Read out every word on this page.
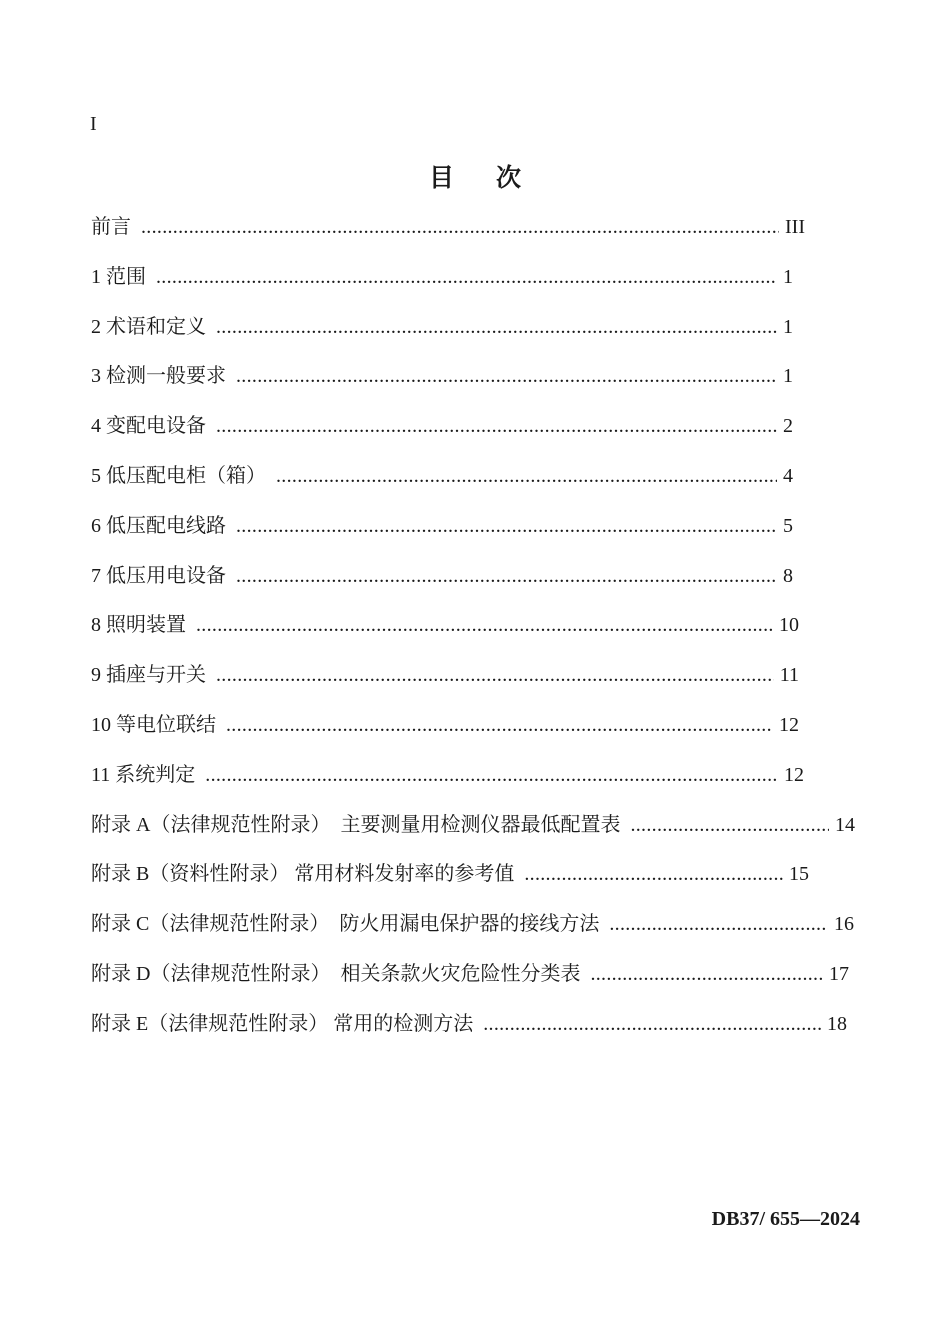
I
目 次
前言 .....	III
1 范围 .....	1
2 术语和定义 .....	1
3 检测一般要求 .....	1
4 变配电设备 .....	2
5 低压配电柜（箱） .....	4
6 低压配电线路 .....	5
7 低压用电设备 .....	8
8 照明装置 .....	10
9 插座与开关 .....	11
10 等电位联结 .....	12
11 系统判定 .....	12
附录 A（法律规范性附录）　主要测量用检测仪器最低配置表 .....	14
附录 B（资料性附录） 常用材料发射率的参考值 .....	15
附录 C（法律规范性附录）　防火用漏电保护器的接线方法 .....	16
附录 D（法律规范性附录）　相关条款火灾危险性分类表 .....	17
附录 E（法律规范性附录） 常用的检测方法 .....	18
DB37/ 655—2024
